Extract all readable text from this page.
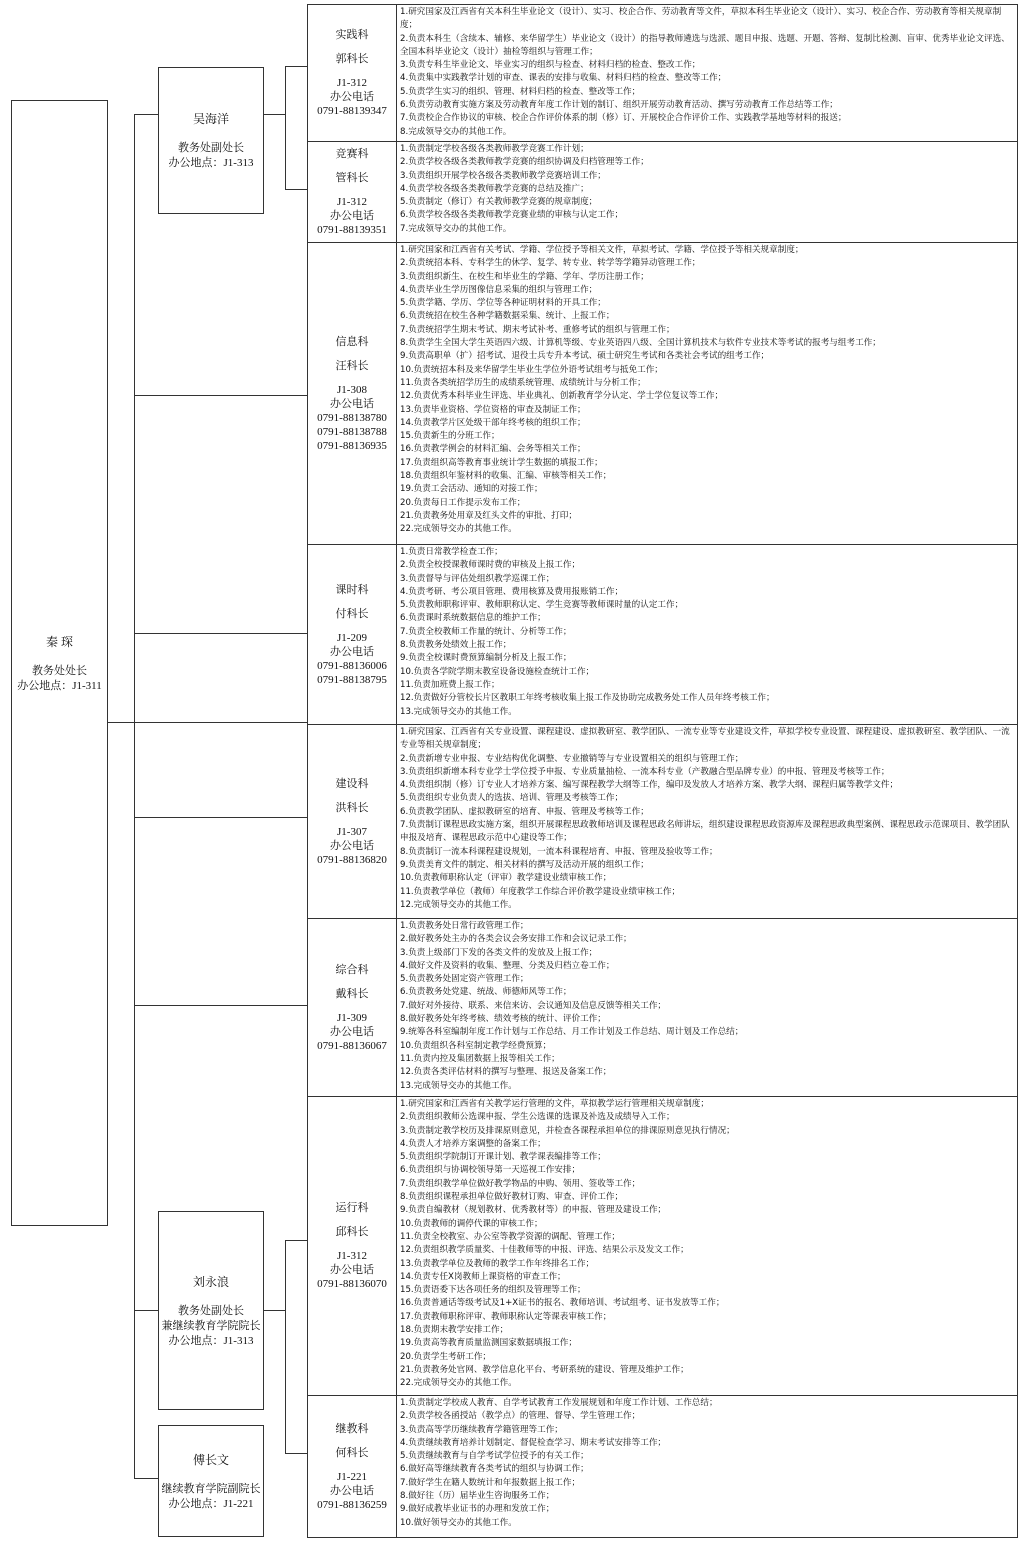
秦 琛
教务处处长
办公地点：J1-311
吴海洋
教务处副处长
办公地点：J1-313
刘永浪
教务处副处长
兼继续教育学院院长
办公地点：J1-313
傅长文
继续教育学院副院长
办公地点：J1-221
实践科
郭科长
J1-312
办公电话
0791-88139347
1.研究国家及江西省有关本科生毕业论文（设计）、实习、校企合作、劳动教育等文件，草拟本科生毕业论文（设计）、实习、校企合作、劳动教育等相关规章制度；
2.负责本科生（含续本、辅修、来华留学生）毕业论文（设计）的指导教师遴选与选派、题目申报、选题、开题、答辩、复制比检测、盲审、优秀毕业论文评选、全国本科毕业论文（设计）抽检等组织与管理工作；
3.负责专科生毕业论文、毕业实习的组织与检查、材料归档的检查、整改工作；
4.负责集中实践教学计划的审查、课表的安排与收集、材料归档的检查、整改等工作；
5.负责学生实习的组织、管理、材料归档的检查、整改等工作；
6.负责劳动教育实施方案及劳动教育年度工作计划的制订、组织开展劳动教育活动、撰写劳动教育工作总结等工作；
7.负责校企合作协议的审核、校企合作评价体系的制（修）订、开展校企合作评价工作、实践教学基地等材料的报送；
8.完成领导交办的其他工作。
竞赛科
管科长
J1-312
办公电话
0791-88139351
1.负责制定学校各级各类教师教学竞赛工作计划；
2.负责学校各级各类教师教学竞赛的组织协调及归档管理等工作；
3.负责组织开展学校各级各类教师教学竞赛培训工作；
4.负责学校各级各类教师教学竞赛的总结及推广；
5.负责制定（修订）有关教师教学竞赛的规章制度；
6.负责学校各级各类教师教学竞赛业绩的审核与认定工作；
7.完成领导交办的其他工作。
信息科
汪科长
J1-308
办公电话
0791-88138780
0791-88138788
0791-88136935
1.研究国家和江西省有关考试、学籍、学位授予等相关文件，草拟考试、学籍、学位授予等相关规章制度；
2.负责统招本科、专科学生的休学、复学、转专业、转学等学籍异动管理工作；
3.负责组织新生、在校生和毕业生的学籍、学年、学历注册工作；
4.负责毕业生学历图像信息采集的组织与管理工作；
5.负责学籍、学历、学位等各种证明材料的开具工作；
6.负责统招在校生各种学籍数据采集、统计、上报工作；
7.负责统招学生期末考试、期末考试补考、重修考试的组织与管理工作；
8.负责学生全国大学生英语四六级、计算机等级、专业英语四八级、全国计算机技术与软件专业技术等考试的报考与组考工作；
9.负责高职单（扩）招考试、退役士兵专升本考试、硕士研究生考试和各类社会考试的组考工作；
10.负责统招本科及来华留学生毕业生学位外语考试组考与抵免工作；
11.负责各类统招学历生的成绩系统管理、成绩统计与分析工作；
12.负责优秀本科毕业生评选、毕业典礼、创新教育学分认定、学士学位复议等工作；
13.负责毕业资格、学位资格的审查及制证工作；
14.负责教学片区处级干部年终考核的组织工作；
15.负责新生的分班工作；
16.负责教学例会的材料汇编、会务等相关工作；
17.负责组织高等教育事业统计学生数据的填报工作；
18.负责组织年鉴材料的收集、汇编、审核等相关工作；
19.负责工会活动、通知的对接工作；
20.负责每日工作提示发布工作；
21.负责教务处用章及红头文件的审批、打印；
22.完成领导交办的其他工作。
课时科
付科长
J1-209
办公电话
0791-88136006
0791-88138795
1.负责日常教学检查工作；
2.负责全校授课教师课时费的审核及上报工作；
3.负责督导与评估处组织教学巡课工作；
4.负责考研、考公项目管理、费用核算及费用报账销工作；
5.负责教师职称评审、教师职称认定、学生竞赛等教师课时量的认定工作；
6.负责课时系统数据信息的维护工作；
7.负责全校教师工作量的统计、分析等工作；
8.负责教务处绩效上报工作；
9.负责全校课时费预算编制分析及上报工作；
10.负责各学院学期末教室设备设施检查统计工作；
11.负责加班费上报工作；
12.负责做好分管校长片区教职工年终考核收集上报工作及协助完成教务处工作人员年终考核工作；
13.完成领导交办的其他工作。
建设科
洪科长
J1-307
办公电话
0791-88136820
1.研究国家、江西省有关专业设置、课程建设、虚拟教研室、教学团队、一流专业等专业建设文件，草拟学校专业设置、课程建设、虚拟教研室、教学团队、一流专业等相关规章制度；
2.负责新增专业申报、专业结构优化调整、专业撤销等与专业设置相关的组织与管理工作；
3.负责组织新增本科专业学士学位授予申报、专业质量抽检、一流本科专业（产教融合型品牌专业）的申报、管理及考核等工作；
4.负责组织制（修）订专业人才培养方案、编写课程教学大纲等工作，编印及发放人才培养方案、教学大纲、课程归属等教学文件；
5.负责组织专业负责人的选拔、培训、管理及考核等工作；
6.负责教学团队、虚拟教研室的培育、申报、管理及考核等工作；
7.负责制订课程思政实施方案，组织开展课程思政教师培训及课程思政名师讲坛，组织建设课程思政资源库及课程思政典型案例、课程思政示范课项目、教学团队申报及培育、课程思政示范中心建设等工作；
8.负责制订一流本科课程建设规划，一流本科课程培育、申报、管理及验收等工作；
9.负责美育文件的制定、相关材料的撰写及活动开展的组织工作；
10.负责教师职称认定（评审）教学建设业绩审核工作；
11.负责教学单位（教师）年度教学工作综合评价教学建设业绩审核工作；
12.完成领导交办的其他工作。
综合科
戴科长
J1-309
办公电话
0791-88136067
1.负责教务处日常行政管理工作；
2.做好教务处主办的各类会议会务安排工作和会议记录工作；
3.负责上级部门下发的各类文件的发放及上报工作；
4.做好文件及资料的收集、整理、分类及归档立卷工作；
5.负责教务处固定资产管理工作；
6.负责教务处党建、统战、师德师风等工作；
7.做好对外接待、联系、来信来访、会议通知及信息反馈等相关工作；
8.做好教务处年终考核、绩效考核的统计、评价工作；
9.统筹各科室编制年度工作计划与工作总结、月工作计划及工作总结、周计划及工作总结；
10.负责组织各科室制定教学经费预算；
11.负责内控及集团数据上报等相关工作；
12.负责各类评估材料的撰写与整理、报送及备案工作；
13.完成领导交办的其他工作。
运行科
邱科长
J1-312
办公电话
0791-88136070
1.研究国家和江西省有关教学运行管理的文件，草拟教学运行管理相关规章制度；
2.负责组织教师公选课申报、学生公选课的选课及补选及成绩导入工作；
3.负责制定教学校历及排课原则意见，并检查各课程承担单位的排课原则意见执行情况；
4.负责人才培养方案调整的备案工作；
5.负责组织学院制订开课计划、教学课表编排等工作；
6.负责组织与协调校领导第一天巡视工作安排；
7.负责组织教学单位做好教学物品的申购、领用、签收等工作；
8.负责组织课程承担单位做好教材订购、审查、评价工作；
9.负责自编教材（规划教材、优秀教材等）的申报、管理及建设工作；
10.负责教师的调停代课的审核工作；
11.负责全校教室、办公室等教学资源的调配、管理工作；
12.负责组织教学质量奖、十佳教师等的申报、评选、结果公示及发文工作；
13.负责教学单位及教师的教学工作年终排名工作；
14.负责专任X岗教师上课资格的审查工作；
15.负责语委下达各项任务的组织及管理等工作；
16.负责普通话等级考试及1+X证书的报名、教师培训、考试组考、证书发放等工作；
17.负责教师职称评审、教师职称认定等课表审核工作；
18.负责期末教学安排工作；
19.负责高等教育质量监测国家数据填报工作；
20.负责学生考研工作；
21.负责教务处官网、教学信息化平台、考研系统的建设、管理及维护工作；
22.完成领导交办的其他工作。
继教科
何科长
J1-221
办公电话
0791-88136259
1.负责制定学校成人教育、自学考试教育工作发展规划和年度工作计划、工作总结；
2.负责学校各函授站（教学点）的管理、督导、学生管理工作；
3.负责高等学历继续教育学籍管理等工作；
4.负责继续教育培养计划制定、督促检查学习、期末考试安排等工作；
5.负责继续教育与自学考试学位授予的有关工作；
6.做好高等继续教育各类考试的组织与协调工作；
7.做好学生在籍人数统计和年报数据上报工作；
8.做好往（历）届毕业生咨询服务工作；
9.做好成教毕业证书的办理和发放工作；
10.做好领导交办的其他工作。
